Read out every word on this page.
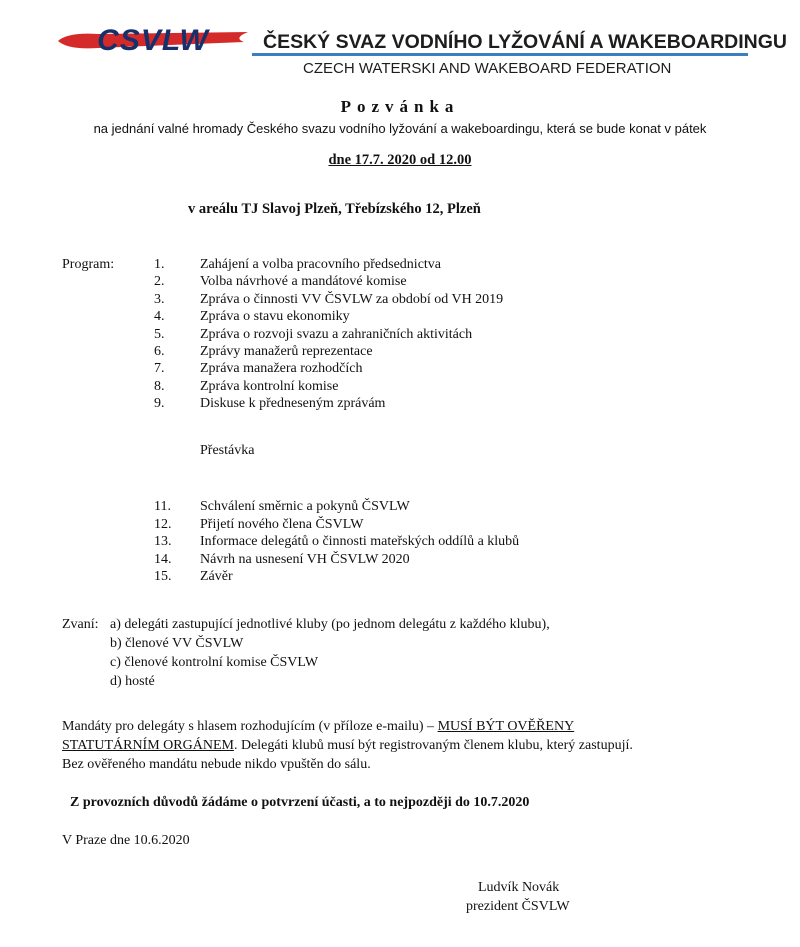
CSVLW	ČESKÝ SVAZ VODNÍHO LYŽOVÁNÍ A WAKEBOARDINGU
CZECH WATERSKI AND WAKEBOARD FEDERATION
Pozvánka
na jednání valné hromady Českého svazu vodního lyžování a wakeboardingu, která se bude konat v pátek
dne 17.7. 2020 od 12.00
v areálu TJ Slavoj Plzeň, Třebízského 12, Plzeň
Program:	1.	Zahájení a volba pracovního předsednictva
2.	Volba návrhové a mandátové komise
3.	Zpráva o činnosti VV ČSVLW za období od VH 2019
4.	Zpráva o stavu ekonomiky
5.	Zpráva o rozvoji svazu a zahraničních aktivitách
6.	Zprávy manažerů reprezentace
7.	Zpráva manažera rozhodčích
8.	Zpráva kontrolní komise
9.	Diskuse k předneseným zprávám
Přestávka
11.	Schválení směrnic a pokynů ČSVLW
12.	Přijetí nového člena ČSVLW
13.	Informace delegátů o činnosti mateřských oddílů a klubů
14.	Návrh na usnesení VH ČSVLW 2020
15.	Závěr
Zvaní: a) delegáti zastupující jednotlivé kluby (po jednom delegátu z každého klubu),
b) členové VV ČSVLW
c) členové kontrolní komise ČSVLW
d) hosté
Mandáty pro delegáty s hlasem rozhodujícím (v příloze e-mailu) – MUSÍ BÝT OVĚŘENY
STATUTÁRNÍM ORGÁNEM. Delegáti klubů musí být registrovaným členem klubu, který zastupují.
Bez ověřeného mandátu nebude nikdo vpuštěn do sálu.
Z provozních důvodů žádáme o potvrzení účasti, a to nejpozději do 10.7.2020
V Praze dne 10.6.2020
Ludvík Novák
prezident ČSVLW
